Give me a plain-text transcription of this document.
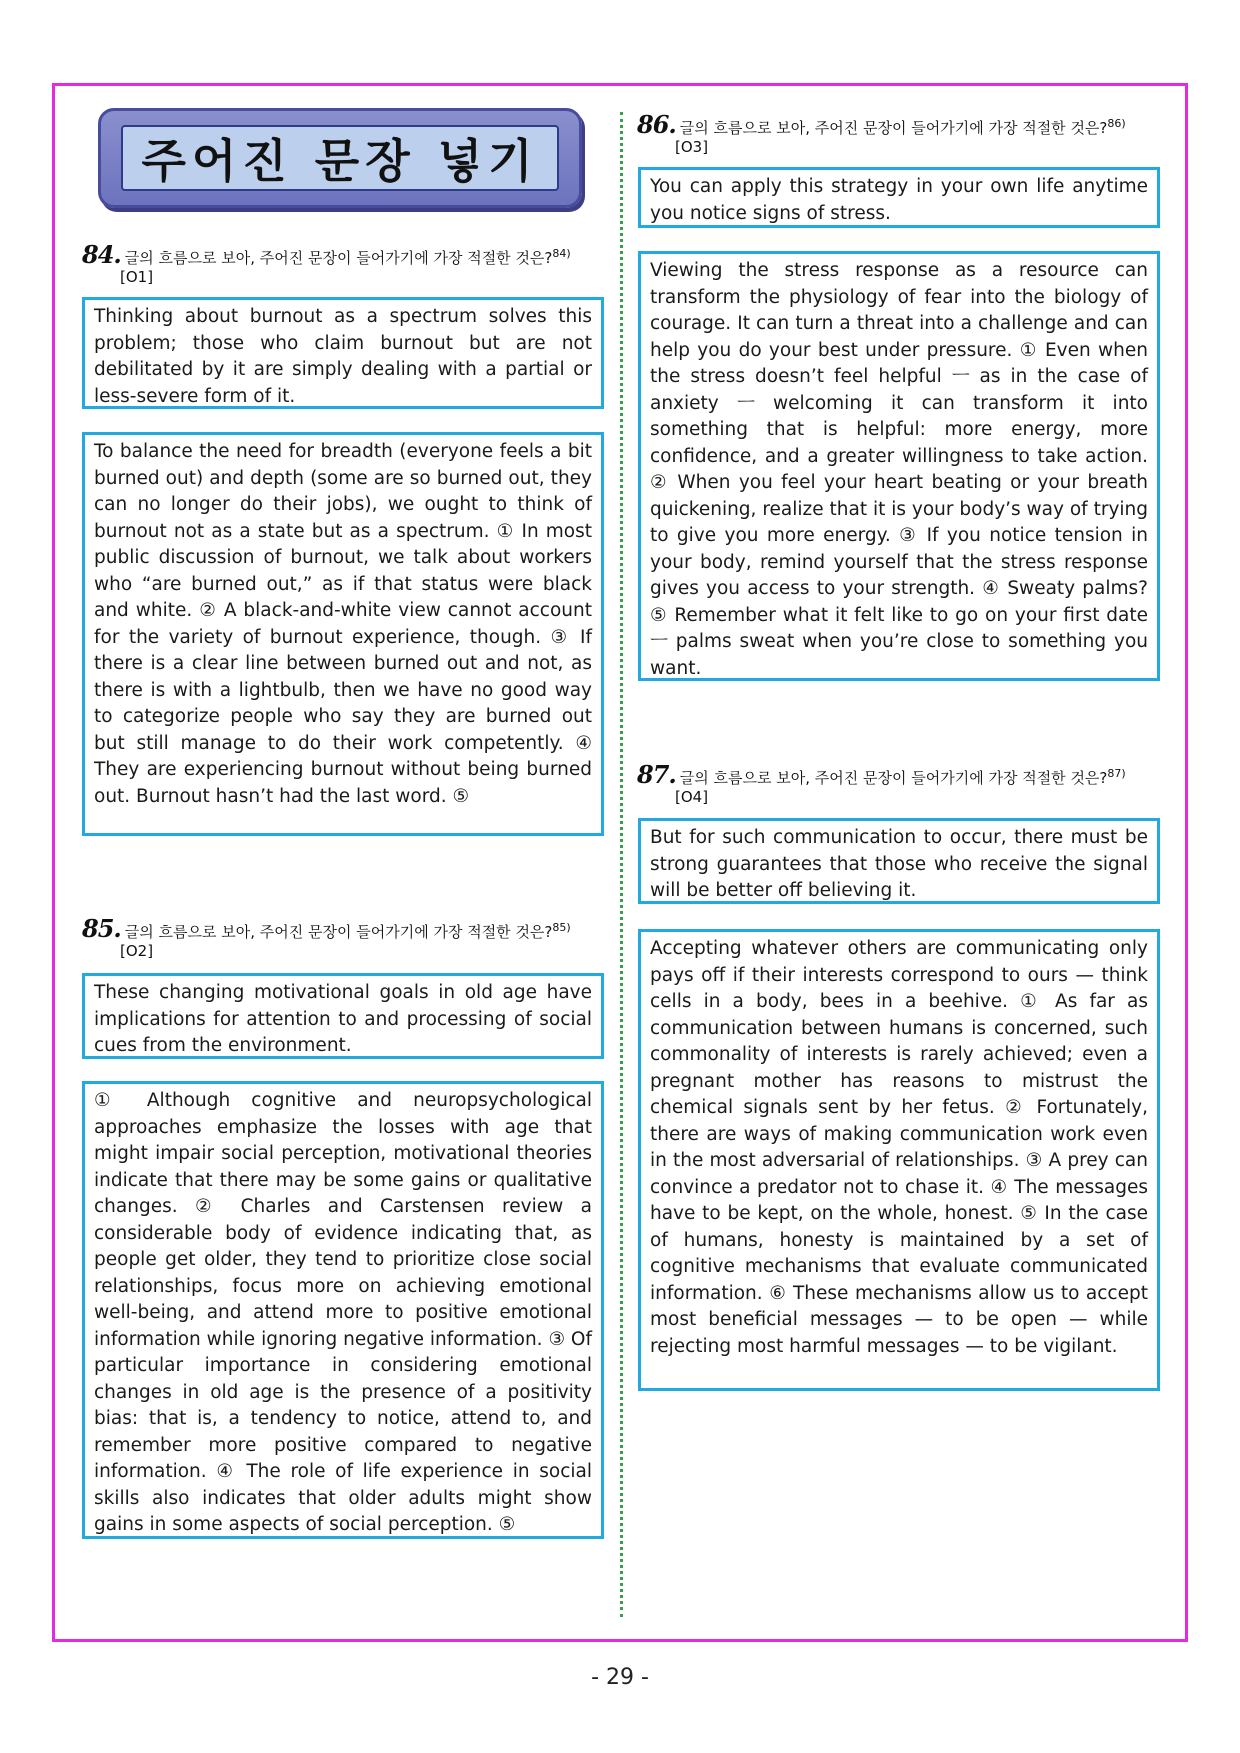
주어진 문장 넣기
84. 글의 흐름으로 보아, 주어진 문장이 들어가기에 가장 적절한 것은?$^{84)}$
[O1]
Thinking about burnout as a spectrum solves this problem; those who claim burnout but are not debilitated by it are simply dealing with a partial or less-severe form of it.
To balance the need for breadth (everyone feels a bit burned out) and depth (some are so burned out, they can no longer do their jobs), we ought to think of burnout not as a state but as a spectrum. ① In most public discussion of burnout, we talk about workers who “are burned out,” as if that status were black and white. ② A black-and-white view cannot account for the variety of burnout experience, though. ③ If there is a clear line between burned out and not, as there is with a lightbulb, then we have no good way to categorize people who say they are burned out but still manage to do their work competently. ④ They are experiencing burnout without being burned out. Burnout hasn’t had the last word. ⑤
85. 글의 흐름으로 보아, 주어진 문장이 들어가기에 가장 적절한 것은?$^{85)}$
[O2]
These changing motivational goals in old age have implications for attention to and processing of social cues from the environment.
① Although cognitive and neuropsychological approaches emphasize the losses with age that might impair social perception, motivational theories indicate that there may be some gains or qualitative changes. ② Charles and Carstensen review a considerable body of evidence indicating that, as people get older, they tend to prioritize close social relationships, focus more on achieving emotional well-being, and attend more to positive emotional information while ignoring negative information. ③ Of particular importance in considering emotional changes in old age is the presence of a positivity bias: that is, a tendency to notice, attend to, and remember more positive compared to negative information. ④ The role of life experience in social skills also indicates that older adults might show gains in some aspects of social perception. ⑤
86. 글의 흐름으로 보아, 주어진 문장이 들어가기에 가장 적절한 것은?$^{86)}$
[O3]
You can apply this strategy in your own life anytime you notice signs of stress.
Viewing the stress response as a resource can transform the physiology of fear into the biology of courage. It can turn a threat into a challenge and can help you do your best under pressure. ① Even when the stress doesn’t feel helpful ㅡ as in the case of anxiety ㅡ welcoming it can transform it into something that is helpful: more energy, more confidence, and a greater willingness to take action. ② When you feel your heart beating or your breath quickening, realize that it is your body’s way of trying to give you more energy. ③ If you notice tension in your body, remind yourself that the stress response gives you access to your strength. ④ Sweaty palms? ⑤ Remember what it felt like to go on your first date ㅡ palms sweat when you’re close to something you want.
87. 글의 흐름으로 보아, 주어진 문장이 들어가기에 가장 적절한 것은?$^{87)}$
[O4]
But for such communication to occur, there must be strong guarantees that those who receive the signal will be better off believing it.
Accepting whatever others are communicating only pays off if their interests correspond to ours — think cells in a body, bees in a beehive. ① As far as communication between humans is concerned, such commonality of interests is rarely achieved; even a pregnant mother has reasons to mistrust the chemical signals sent by her fetus. ② Fortunately, there are ways of making communication work even in the most adversarial of relationships. ③ A prey can convince a predator not to chase it. ④ The messages have to be kept, on the whole, honest. ⑤ In the case of humans, honesty is maintained by a set of cognitive mechanisms that evaluate communicated information. ⑥ These mechanisms allow us to accept most beneficial messages — to be open — while rejecting most harmful messages — to be vigilant.
- 29 -
